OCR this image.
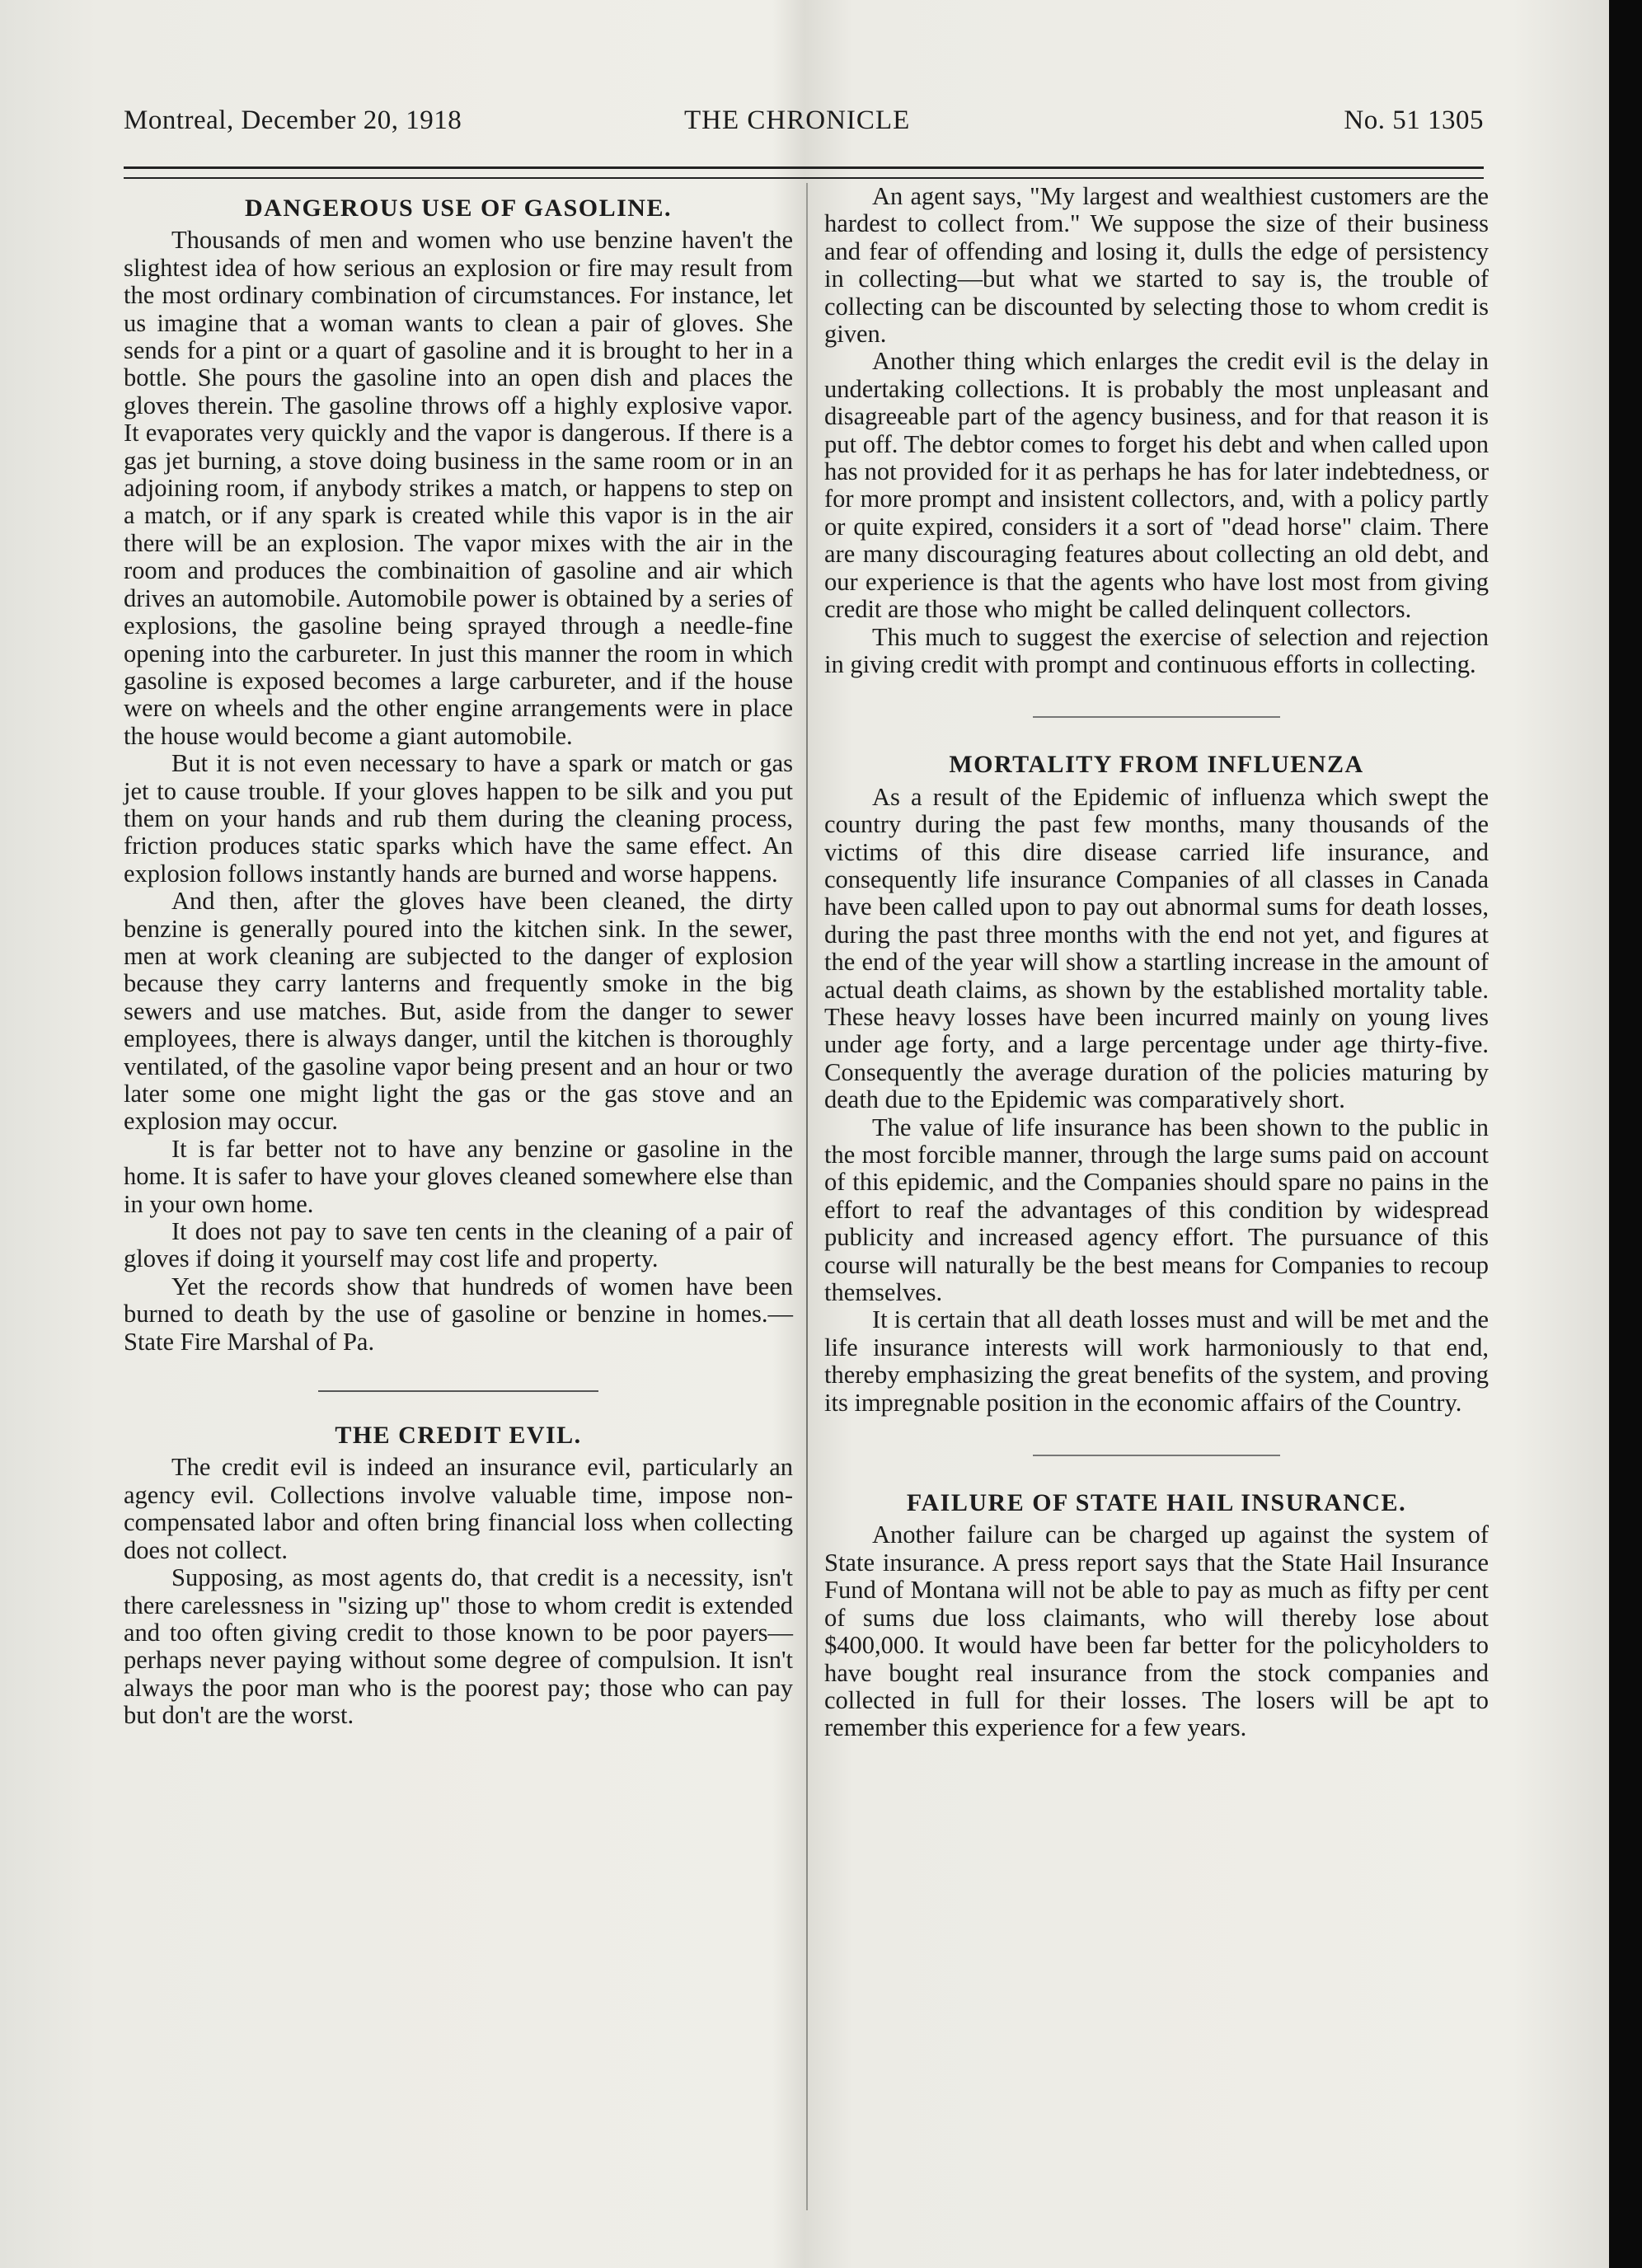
Montreal, December 20, 1918	THE CHRONICLE	No. 51 1305
DANGEROUS USE OF GASOLINE.

Thousands of men and women who use benzine haven't the slightest idea of how serious an explosion or fire may result from the most ordinary combination of circumstances. For instance, let us imagine that a woman wants to clean a pair of gloves. She sends for a pint or a quart of gasoline and it is brought to her in a bottle. She pours the gasoline into an open dish and places the gloves therein. The gasoline throws off a highly explosive vapor. It evaporates very quickly and the vapor is dangerous. If there is a gas jet burning, a stove doing business in the same room or in an adjoining room, if anybody strikes a match, or happens to step on a match, or if any spark is created while this vapor is in the air there will be an explosion. The vapor mixes with the air in the room and produces the combinaition of gasoline and air which drives an automobile. Automobile power is obtained by a series of explosions, the gasoline being sprayed through a needle-fine opening into the carbureter. In just this manner the room in which gasoline is exposed becomes a large carbureter, and if the house were on wheels and the other engine arrangements were in place the house would become a giant automobile.

But it is not even necessary to have a spark or match or gas jet to cause trouble. If your gloves happen to be silk and you put them on your hands and rub them during the cleaning process, friction produces static sparks which have the same effect. An explosion follows instantly hands are burned and worse happens.

And then, after the gloves have been cleaned, the dirty benzine is generally poured into the kitchen sink. In the sewer, men at work cleaning are subjected to the danger of explosion because they carry lanterns and frequently smoke in the big sewers and use matches. But, aside from the danger to sewer employees, there is always danger, until the kitchen is thoroughly ventilated, of the gasoline vapor being present and an hour or two later some one might light the gas or the gas stove and an explosion may occur.

It is far better not to have any benzine or gasoline in the home. It is safer to have your gloves cleaned somewhere else than in your own home.

It does not pay to save ten cents in the cleaning of a pair of gloves if doing it yourself may cost life and property.

Yet the records show that hundreds of women have been burned to death by the use of gasoline or benzine in homes.—State Fire Marshal of Pa.

THE CREDIT EVIL.

The credit evil is indeed an insurance evil, particularly an agency evil. Collections involve valuable time, impose non-compensated labor and often bring financial loss when collecting does not collect.

Supposing, as most agents do, that credit is a necessity, isn't there carelessness in "sizing up" those to whom credit is extended and too often giving credit to those known to be poor payers—perhaps never paying without some degree of compulsion. It isn't always the poor man who is the poorest pay; those who can pay but don't are the worst.

An agent says, "My largest and wealthiest customers are the hardest to collect from." We suppose the size of their business and fear of offending and losing it, dulls the edge of persistency in collecting—but what we started to say is, the trouble of collecting can be discounted by selecting those to whom credit is given.

Another thing which enlarges the credit evil is the delay in undertaking collections. It is probably the most unpleasant and disagreeable part of the agency business, and for that reason it is put off. The debtor comes to forget his debt and when called upon has not provided for it as perhaps he has for later indebtedness, or for more prompt and insistent collectors, and, with a policy partly or quite expired, considers it a sort of "dead horse" claim. There are many discouraging features about collecting an old debt, and our experience is that the agents who have lost most from giving credit are those who might be called delinquent collectors.

This much to suggest the exercise of selection and rejection in giving credit with prompt and continuous efforts in collecting.

MORTALITY FROM INFLUENZA

As a result of the Epidemic of influenza which swept the country during the past few months, many thousands of the victims of this dire disease carried life insurance, and consequently life insurance Companies of all classes in Canada have been called upon to pay out abnormal sums for death losses, during the past three months with the end not yet, and figures at the end of the year will show a startling increase in the amount of actual death claims, as shown by the established mortality table. These heavy losses have been incurred mainly on young lives under age forty, and a large percentage under age thirty-five. Consequently the average duration of the policies maturing by death due to the Epidemic was comparatively short.

The value of life insurance has been shown to the public in the most forcible manner, through the large sums paid on account of this epidemic, and the Companies should spare no pains in the effort to reaf the advantages of this condition by widespread publicity and increased agency effort. The pursuance of this course will naturally be the best means for Companies to recoup themselves.

It is certain that all death losses must and will be met and the life insurance interests will work harmoniously to that end, thereby emphasizing the great benefits of the system, and proving its impregnable position in the economic affairs of the Country.

FAILURE OF STATE HAIL INSURANCE.

Another failure can be charged up against the system of State insurance. A press report says that the State Hail Insurance Fund of Montana will not be able to pay as much as fifty per cent of sums due loss claimants, who will thereby lose about $400,000. It would have been far better for the policyholders to have bought real insurance from the stock companies and collected in full for their losses. The losers will be apt to remember this experience for a few years.
